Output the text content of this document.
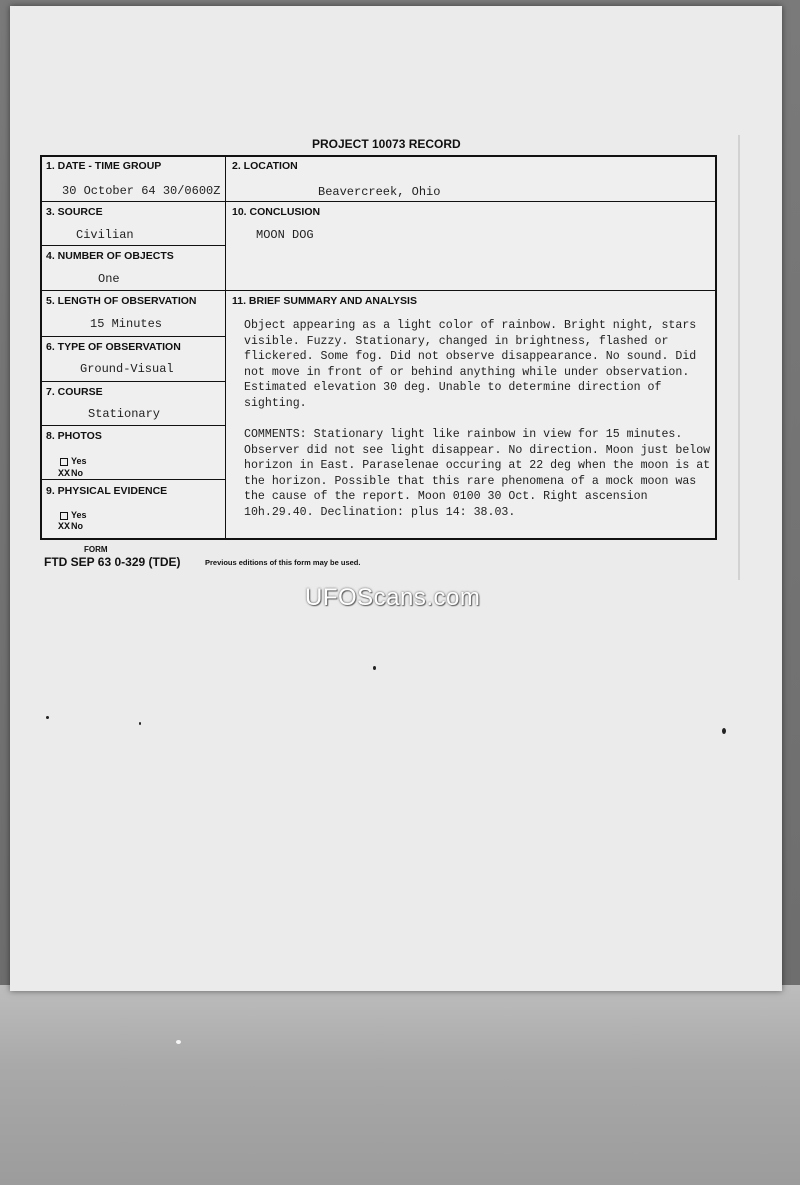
PROJECT 10073 RECORD
1. DATE - TIME GROUP
30 October 64 30/0600Z
2. LOCATION
Beavercreek, Ohio
3. SOURCE
Civilian
10. CONCLUSION
MOON DOG
4. NUMBER OF OBJECTS
One
5. LENGTH OF OBSERVATION
15 Minutes
11. BRIEF SUMMARY AND ANALYSIS
6. TYPE OF OBSERVATION
Ground-Visual
7. COURSE
Stationary
8. PHOTOS
Yes
XXNo
9. PHYSICAL EVIDENCE
Yes
XXNo

Object appearing as a light color of rainbow. Bright night, stars visible. Fuzzy. Stationary, changed in brightness, flashed or flickered. Some fog. Did not observe disappearance. No sound. Did not move in front of or behind anything while under observation. Estimated elevation 30 deg. Unable to determine direction of sighting.

COMMENTS: Stationary light like rainbow in view for 15 minutes. Observer did not see light disappear. No direction. Moon just below horizon in East. Paraselenae occuring at 22 deg when the moon is at the horizon. Possible that this rare phenomena of a mock moon was the cause of the report. Moon 0100 30 Oct. Right ascension 10h.29.40. Declination: plus 14: 38.03.

FORM
FTD SEP 63 0-329 (TDE)	Previous editions of this form may be used.
UFOScans.com
